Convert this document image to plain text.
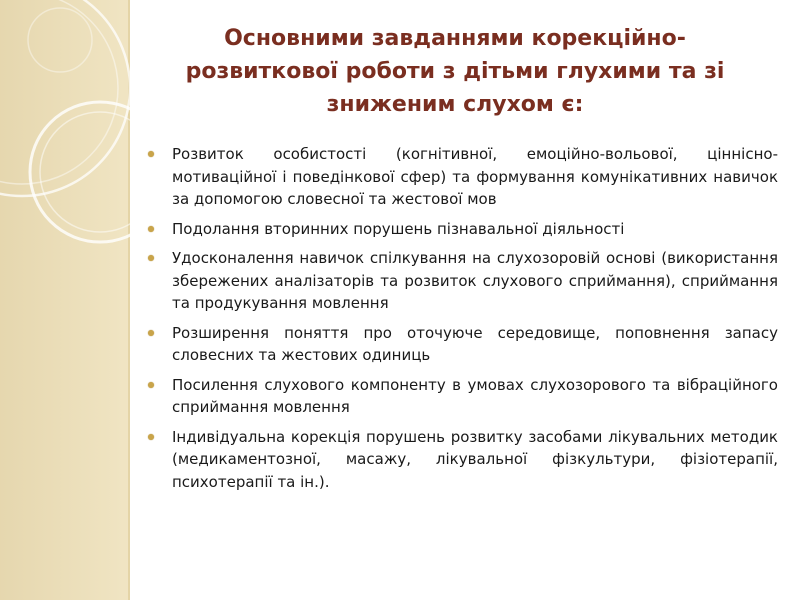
Основними завданнями корекційно-розвиткової роботи з дітьми глухими та зі зниженим слухом є:
Розвиток особистості (когнітивної, емоційно-вольової, ціннісно-мотиваційної і поведінкової сфер) та формування комунікативних навичок за допомогою словесної та жестової мов
Подолання вторинних порушень пізнавальної діяльності
Удосконалення навичок спілкування на слухозоровій основі (використання збережених аналізаторів та розвиток слухового сприймання), сприймання та продукування мовлення
Розширення поняття про оточуюче середовище, поповнення запасу словесних та жестових одиниць
Посилення слухового компоненту в умовах слухозорового та вібраційного сприймання мовлення
Індивідуальна корекція порушень розвитку засобами лікувальних методик (медикаментозної, масажу, лікувальної фізкультури, фізіотерапії, психотерапії та ін.).
